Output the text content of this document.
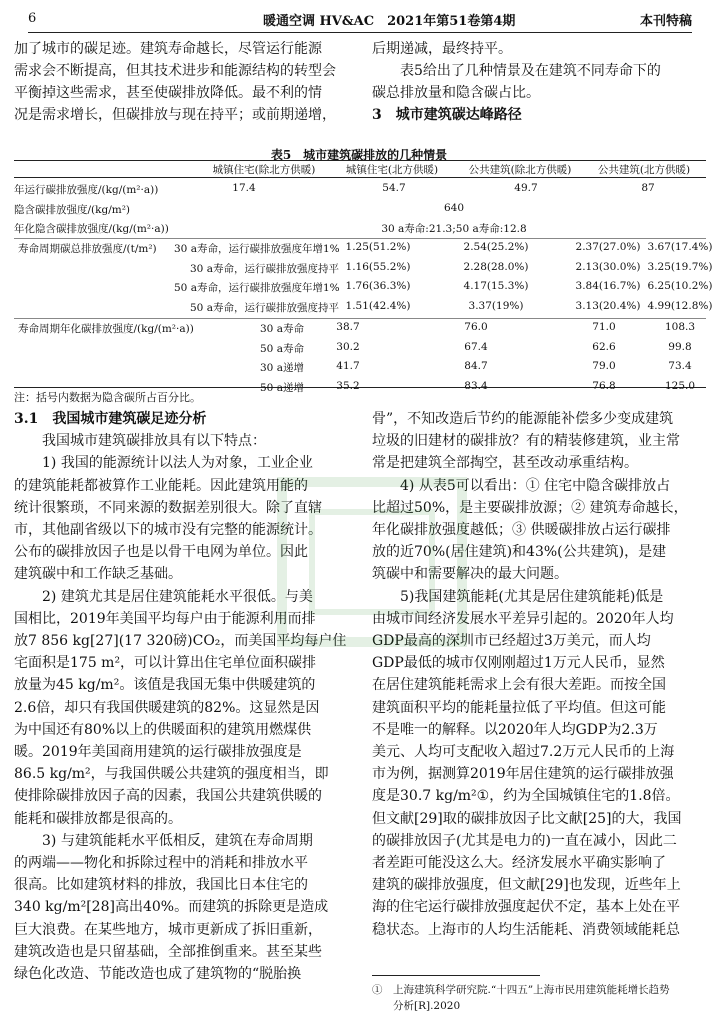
6	暖通空调 HV&AC　2021年第51卷第4期	本刊特稿
加了城市的碳足迹。建筑寿命越长，尽管运行能源
需求会不断提高，但其技术进步和能源结构的转型会
平衡掉这些需求，甚至使碳排放降低。最不利的情
况是需求增长，但碳排放与现在持平；或前期递增，
后期递减，最终持平。
　　表5给出了几种情景及在建筑不同寿命下的
碳总排放量和隐含碳占比。
3　城市建筑碳达峰路径
表5　城市建筑碳排放的几种情景
城镇住宅(除北方供暖)	城镇住宅(北方供暖)	公共建筑(除北方供暖)	公共建筑(北方供暖)
年运行碳排放强度/(kg/(m²·a))	17.4	54.7	49.7	87
隐含碳排放强度/(kg/m²)	640
年化隐含碳排放强度/(kg/(m²·a))	30 a寿命:21.3;50 a寿命:12.8
寿命周期碳总排放强度/(t/m²) 30 a寿命，运行碳排放强度年增1% 1.25(51.2%)	2.54(25.2%)	2.37(27.0%) 3.67(17.4%)
30 a寿命，运行碳排放强度持平 1.16(55.2%)	2.28(28.0%)	2.13(30.0%) 3.25(19.7%)
50 a寿命，运行碳排放强度年增1% 1.76(36.3%)	4.17(15.3%)	3.84(16.7%) 6.25(10.2%)
50 a寿命，运行碳排放强度持平 1.51(42.4%)	3.37(19%)	3.13(20.4%) 4.99(12.8%)
寿命周期年化碳排放强度/(kg/(m²·a))	30 a寿命	38.7	76.0	71.0	108.3
50 a寿命	30.2	67.4	62.6	99.8
30 a递增	41.7	84.7	79.0	73.4
50 a递增	35.2	83.4	76.8	125.0
注：括号内数据为隐含碳所占百分比。
3.1　我国城市建筑碳足迹分析
　　我国城市建筑碳排放具有以下特点：
　　1) 我国的能源统计以法人为对象，工业企业
的建筑能耗都被算作工业能耗。因此建筑用能的
统计很繁琐，不同来源的数据差别很大。除了直辖
市，其他副省级以下的城市没有完整的能源统计。
公布的碳排放因子也是以骨干电网为单位。因此
建筑碳中和工作缺乏基础。
　　2) 建筑尤其是居住建筑能耗水平很低。与美
国相比，2019年美国平均每户由于能源利用而排
放7 856 kg[27](17 320磅)CO₂，而美国平均每户住
宅面积是175 m²，可以计算出住宅单位面积碳排
放量为45 kg/m²。该值是我国无集中供暖建筑的
2.6倍，却只有我国供暖建筑的82%。这显然是因
为中国还有80%以上的供暖面积的建筑用燃煤供
暖。2019年美国商用建筑的运行碳排放强度是
86.5 kg/m²，与我国供暖公共建筑的强度相当，即
使排除碳排放因子高的因素，我国公共建筑供暖的
能耗和碳排放都是很高的。
　　3) 与建筑能耗水平低相反，建筑在寿命周期
的两端——物化和拆除过程中的消耗和排放水平
很高。比如建筑材料的排放，我国比日本住宅的
340 kg/m²[28]高出40%。而建筑的拆除更是造成
巨大浪费。在某些地方，城市更新成了拆旧重新，
建筑改造也是只留基础，全部推倒重来。甚至某些
绿色化改造、节能改造也成了建筑物的“脱胎换
骨”，不知改造后节约的能源能补偿多少变成建筑
垃圾的旧建材的碳排放？有的精装修建筑，业主常
常是把建筑全部掏空，甚至改动承重结构。
　　4) 从表5可以看出：① 住宅中隐含碳排放占
比超过50%，是主要碳排放源；② 建筑寿命越长，
年化碳排放强度越低；③ 供暖碳排放占运行碳排
放的近70%(居住建筑)和43%(公共建筑)，是建
筑碳中和需要解决的最大问题。
　　5)我国建筑能耗(尤其是居住建筑能耗)低是
由城市间经济发展水平差异引起的。2020年人均
GDP最高的深圳市已经超过3万美元，而人均
GDP最低的城市仅刚刚超过1万元人民币，显然
在居住建筑能耗需求上会有很大差距。而按全国
建筑面积平均的能耗量拉低了平均值。但这可能
不是唯一的解释。以2020年人均GDP为2.3万
美元、人均可支配收入超过7.2万元人民币的上海
市为例，据测算2019年居住建筑的运行碳排放强
度是30.7 kg/m²①，约为全国城镇住宅的1.8倍。
但文献[29]取的碳排放因子比文献[25]的大，我国
的碳排放因子(尤其是电力的)一直在减小，因此二
者差距可能没这么大。经济发展水平确实影响了
建筑的碳排放强度，但文献[29]也发现，近些年上
海的住宅运行碳排放强度起伏不定，基本上处在平
稳状态。上海市的人均生活能耗、消费领域能耗总
①　上海建筑科学研究院.“十四五”上海市民用建筑能耗增长趋势
　　分析[R].2020
